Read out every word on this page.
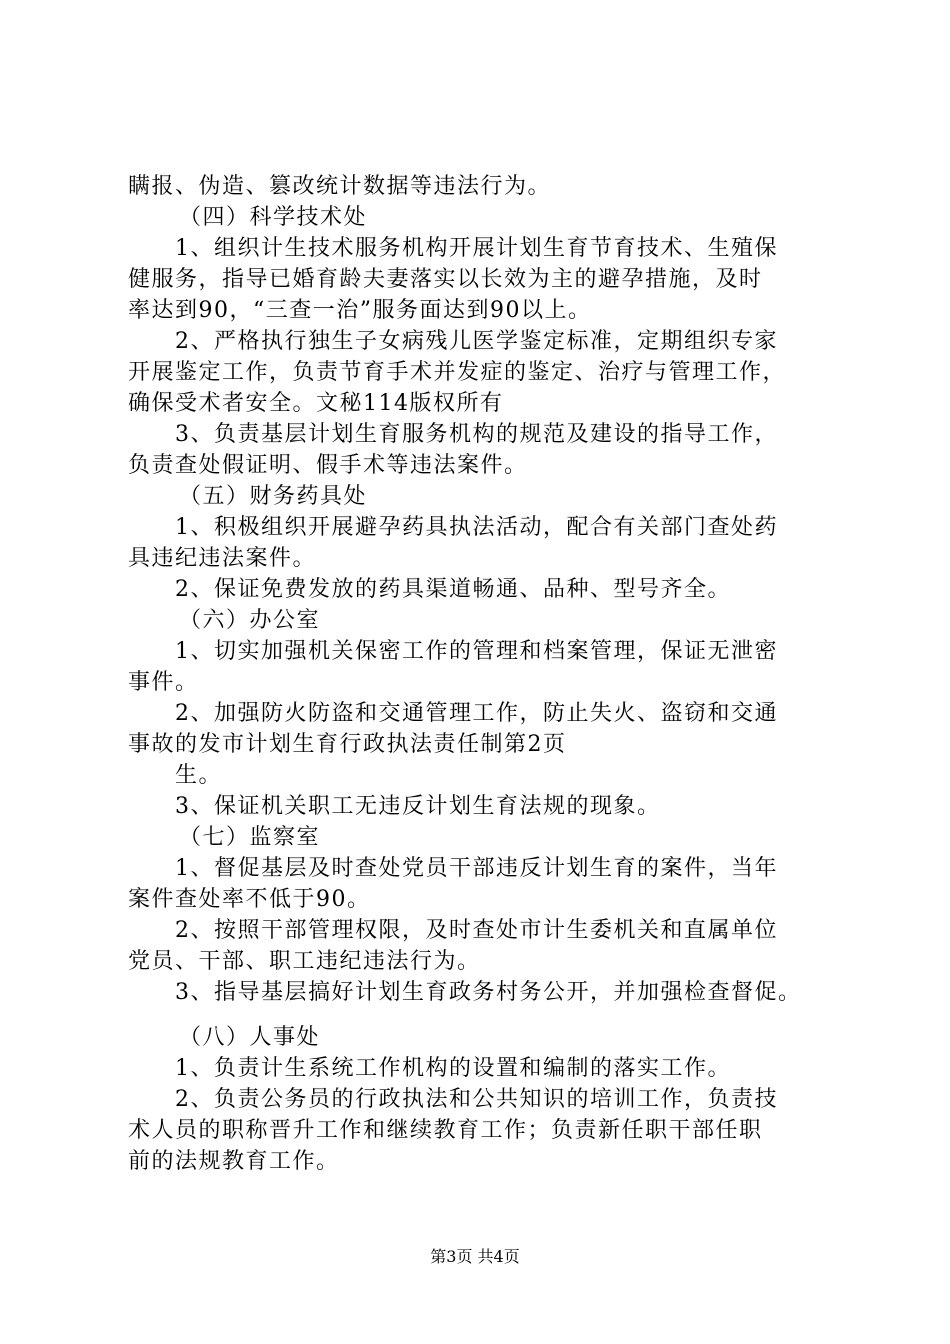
瞒报、伪造、篡改统计数据等违法行为。
（四）科学技术处
1、组织计生技术服务机构开展计划生育节育技术、生殖保
健服务，指导已婚育龄夫妻落实以长效为主的避孕措施，及时
率达到90，“三查一治”服务面达到90以上。
2、严格执行独生子女病残儿医学鉴定标准，定期组织专家
开展鉴定工作，负责节育手术并发症的鉴定、治疗与管理工作，
确保受术者安全。文秘114版权所有
3、负责基层计划生育服务机构的规范及建设的指导工作，
负责查处假证明、假手术等违法案件。
（五）财务药具处
1、积极组织开展避孕药具执法活动，配合有关部门查处药
具违纪违法案件。
2、保证免费发放的药具渠道畅通、品种、型号齐全。
（六）办公室
1、切实加强机关保密工作的管理和档案管理，保证无泄密
事件。
2、加强防火防盗和交通管理工作，防止失火、盗窃和交通
事故的发市计划生育行政执法责任制第2页
生。
3、保证机关职工无违反计划生育法规的现象。
（七）监察室
1、督促基层及时查处党员干部违反计划生育的案件，当年
案件查处率不低于90。
2、按照干部管理权限，及时查处市计生委机关和直属单位
党员、干部、职工违纪违法行为。
3、指导基层搞好计划生育政务村务公开，并加强检查督促。
（八）人事处
1、负责计生系统工作机构的设置和编制的落实工作。
2、负责公务员的行政执法和公共知识的培训工作，负责技
术人员的职称晋升工作和继续教育工作；负责新任职干部任职
前的法规教育工作。
第3页 共4页
